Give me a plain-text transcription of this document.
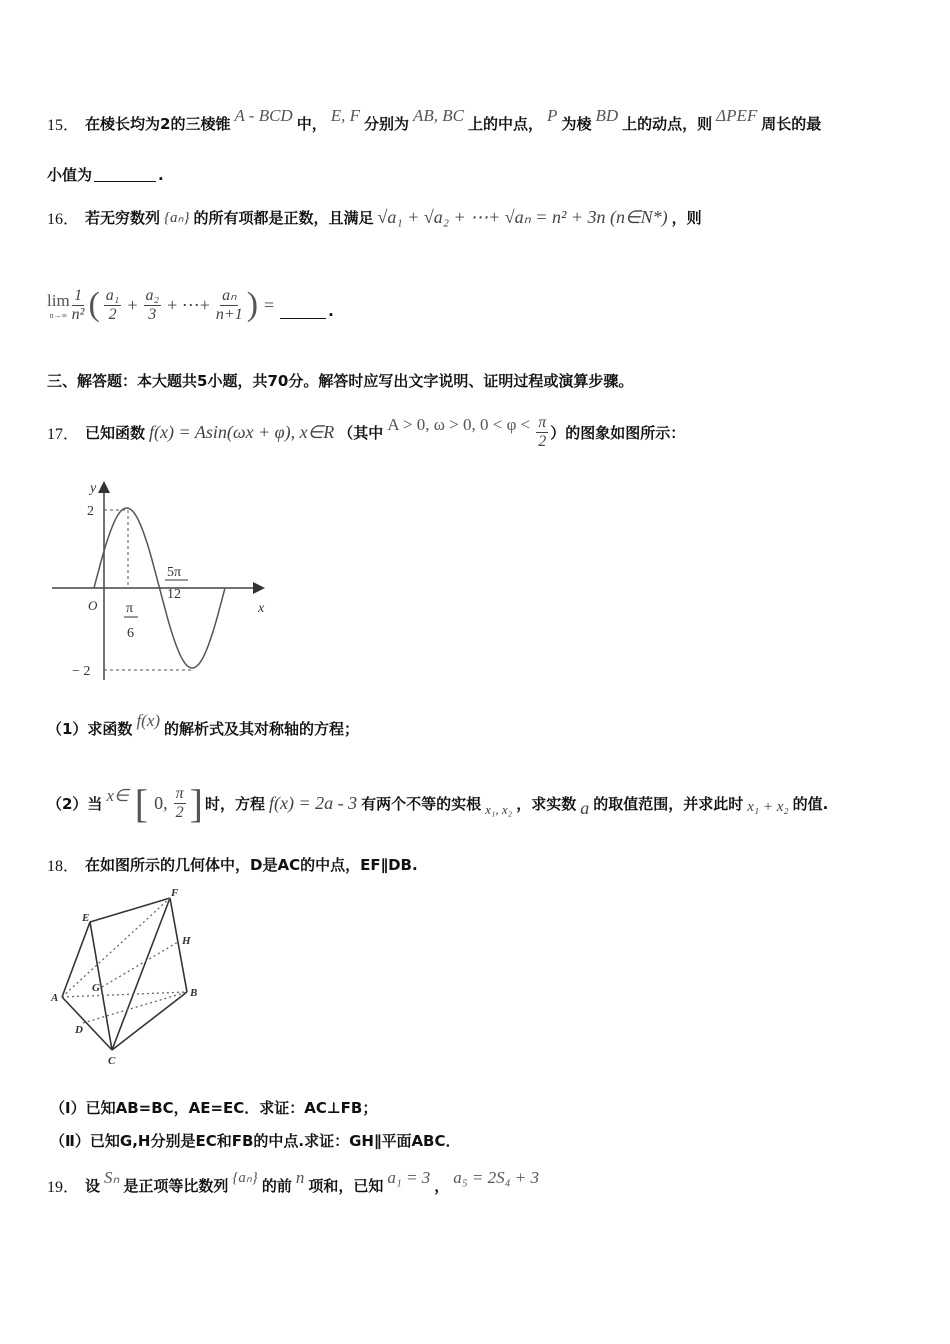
15． 在棱长均为2的三棱锥 A - BCD 中， E, F 分别为 AB, BC 上的中点， P 为棱 BD 上的动点，则 ΔPEF 周长的最
小值为	.
16． 若无穷数列 {aₙ} 的所有项都是正数，且满足 √a₁ + √a₂ + ⋯+ √aₙ = n² + 3n (n∈N*) ，则
lim
$n\to\infty \frac{1}{\text{n²}}$ ( $\frac{\text{a₁}}{2} + \frac{\text{a₂}}{3}$ + ⋯+ $\frac{\text{aₙ}}{n+1}$ ) =	.
三、解答题：本大题共5小题，共70分。解答时应写出文字说明、证明过程或演算步骤。
17． 已知函数 f(x) = Asin(ωx + φ), x∈R （其中 A > 0, ω > 0, $0 < \varphi < \frac{\pi}{2}$ ）的图象如图所示：
y
x
O
2
− 2
π
6
5π
12
（1）求函数 f(x) 的解析式及其对称轴的方程；
（2）当 x∈ [ 0, $\frac{\pi}{2}$ ] 时，方程 f(x) = 2a - 3 有两个不等的实根 x₁, x₂ ，求实数 a 的取值范围，并求此时 x₁ + x₂ 的值.
18． 在如图所示的几何体中，D是AC的中点，EF∥DB.
A	B
C
D
E
F
G
H
（Ⅰ）已知AB=BC，AE=EC．求证：AC⊥FB；
（Ⅱ）已知G,H分别是EC和FB的中点.求证：GH∥平面ABC．
19． 设 Sₙ 是正项等比数列 {aₙ} 的前 n 项和，已知 a₁ = 3 ， a₅ = 2S₄ + 3
